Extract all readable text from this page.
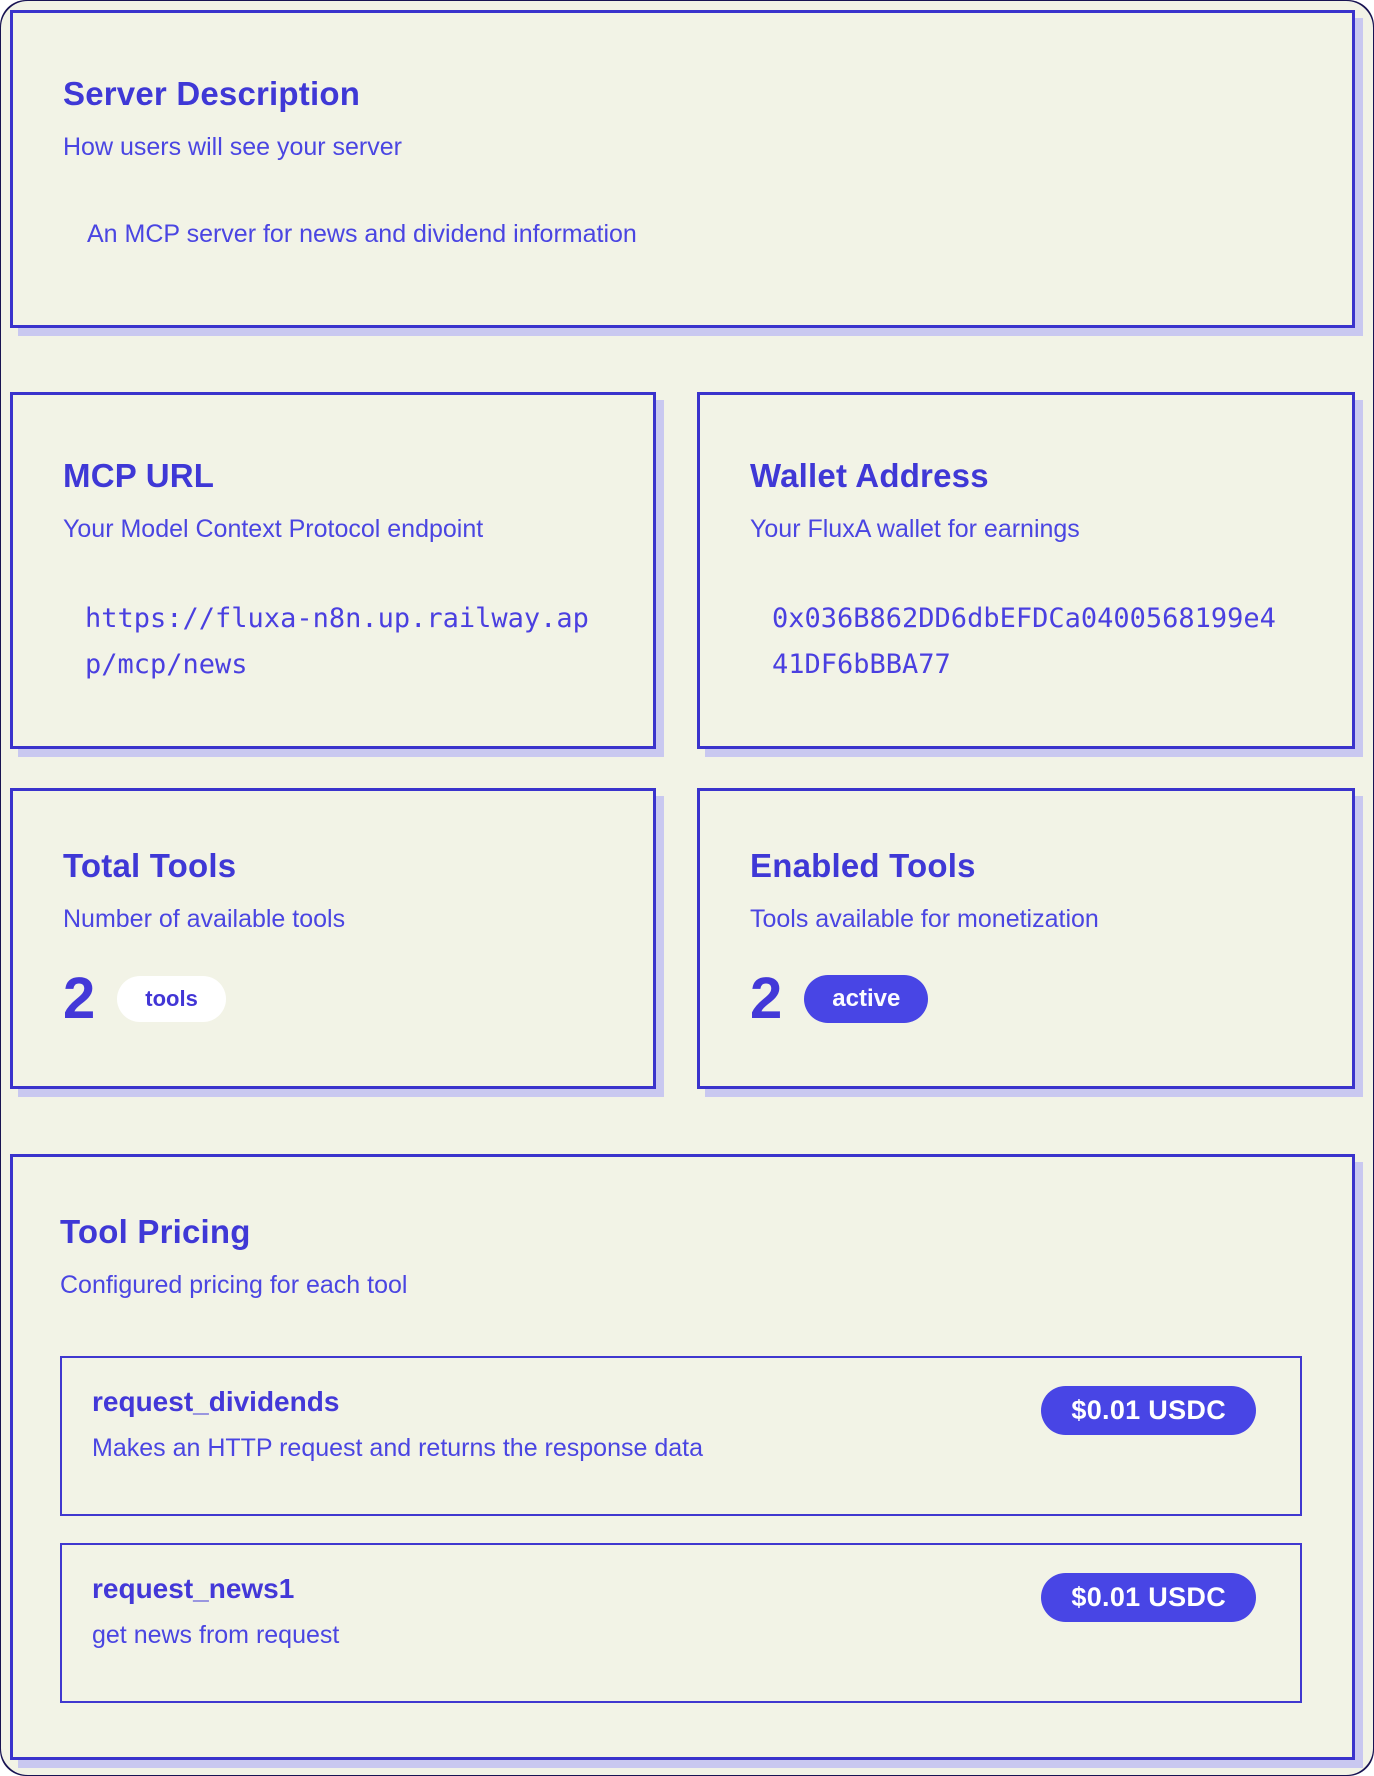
Server Description

How users will see your server

An MCP server for news and dividend information

MCP URL

Your Model Context Protocol endpoint

https://fluxa-n8n.up.railway.app/mcp/news
Wallet Address

Your FluxA wallet for earnings

0x036B862DD6dbEFDCa0400568199e441DF6bBBA77
Total Tools

Number of available tools

2	tools
Enabled Tools

Tools available for monetization

2	active
Tool Pricing

Configured pricing for each tool

request_dividends
Makes an HTTP request and returns the response data
$0.01 USDC
request_news1
get news from request
$0.01 USDC
